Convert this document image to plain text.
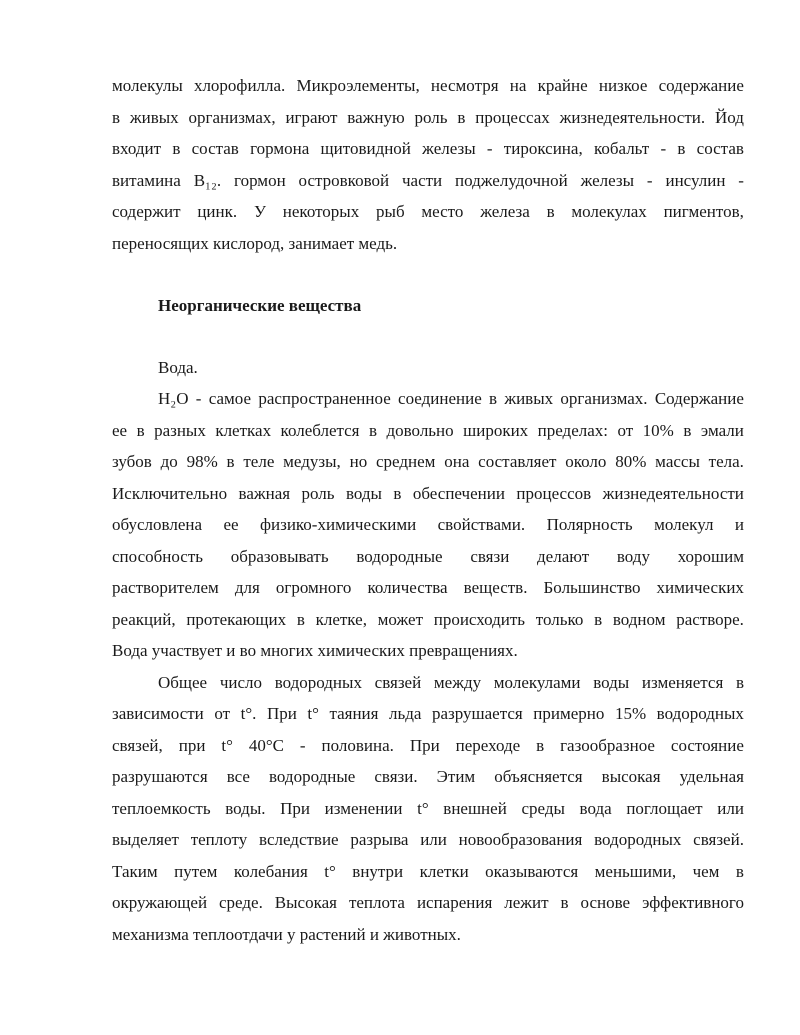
молекулы хлорофилла. Микроэлементы, несмотря на крайне низкое содержание
в живых организмах, играют важную роль в процессах жизнедеятельности. Йод
входит в состав гормона щитовидной железы - тироксина, кобальт - в состав
витамина B₁₂. гормон островковой части поджелудочной железы - инсулин -
содержит цинк. У некоторых рыб место железа в молекулах пигментов,
переносящих кислород, занимает медь.
Неорганические вещества
Вода.
H₂O - самое распространенное соединение в живых организмах. Содержание
ее в разных клетках колеблется в довольно широких пределах: от 10% в эмали
зубов до 98% в теле медузы, но среднем она составляет около 80% массы тела.
Исключительно важная роль воды в обеспечении процессов жизнедеятельности
обусловлена ее физико-химическими свойствами. Полярность молекул и
способность образовывать водородные связи делают воду хорошим
растворителем для огромного количества веществ. Большинство химических
реакций, протекающих в клетке, может происходить только в водном растворе.
Вода участвует и во многих химических превращениях.
Общее число водородных связей между молекулами воды изменяется в
зависимости от t°. При t° таяния льда разрушается примерно 15% водородных
связей, при t° 40°С - половина. При переходе в газообразное состояние
разрушаются все водородные связи. Этим объясняется высокая удельная
теплоемкость воды. При изменении t° внешней среды вода поглощает или
выделяет теплоту вследствие разрыва или новообразования водородных связей.
Таким путем колебания t° внутри клетки оказываются меньшими, чем в
окружающей среде. Высокая теплота испарения лежит в основе эффективного
механизма теплоотдачи у растений и животных.
